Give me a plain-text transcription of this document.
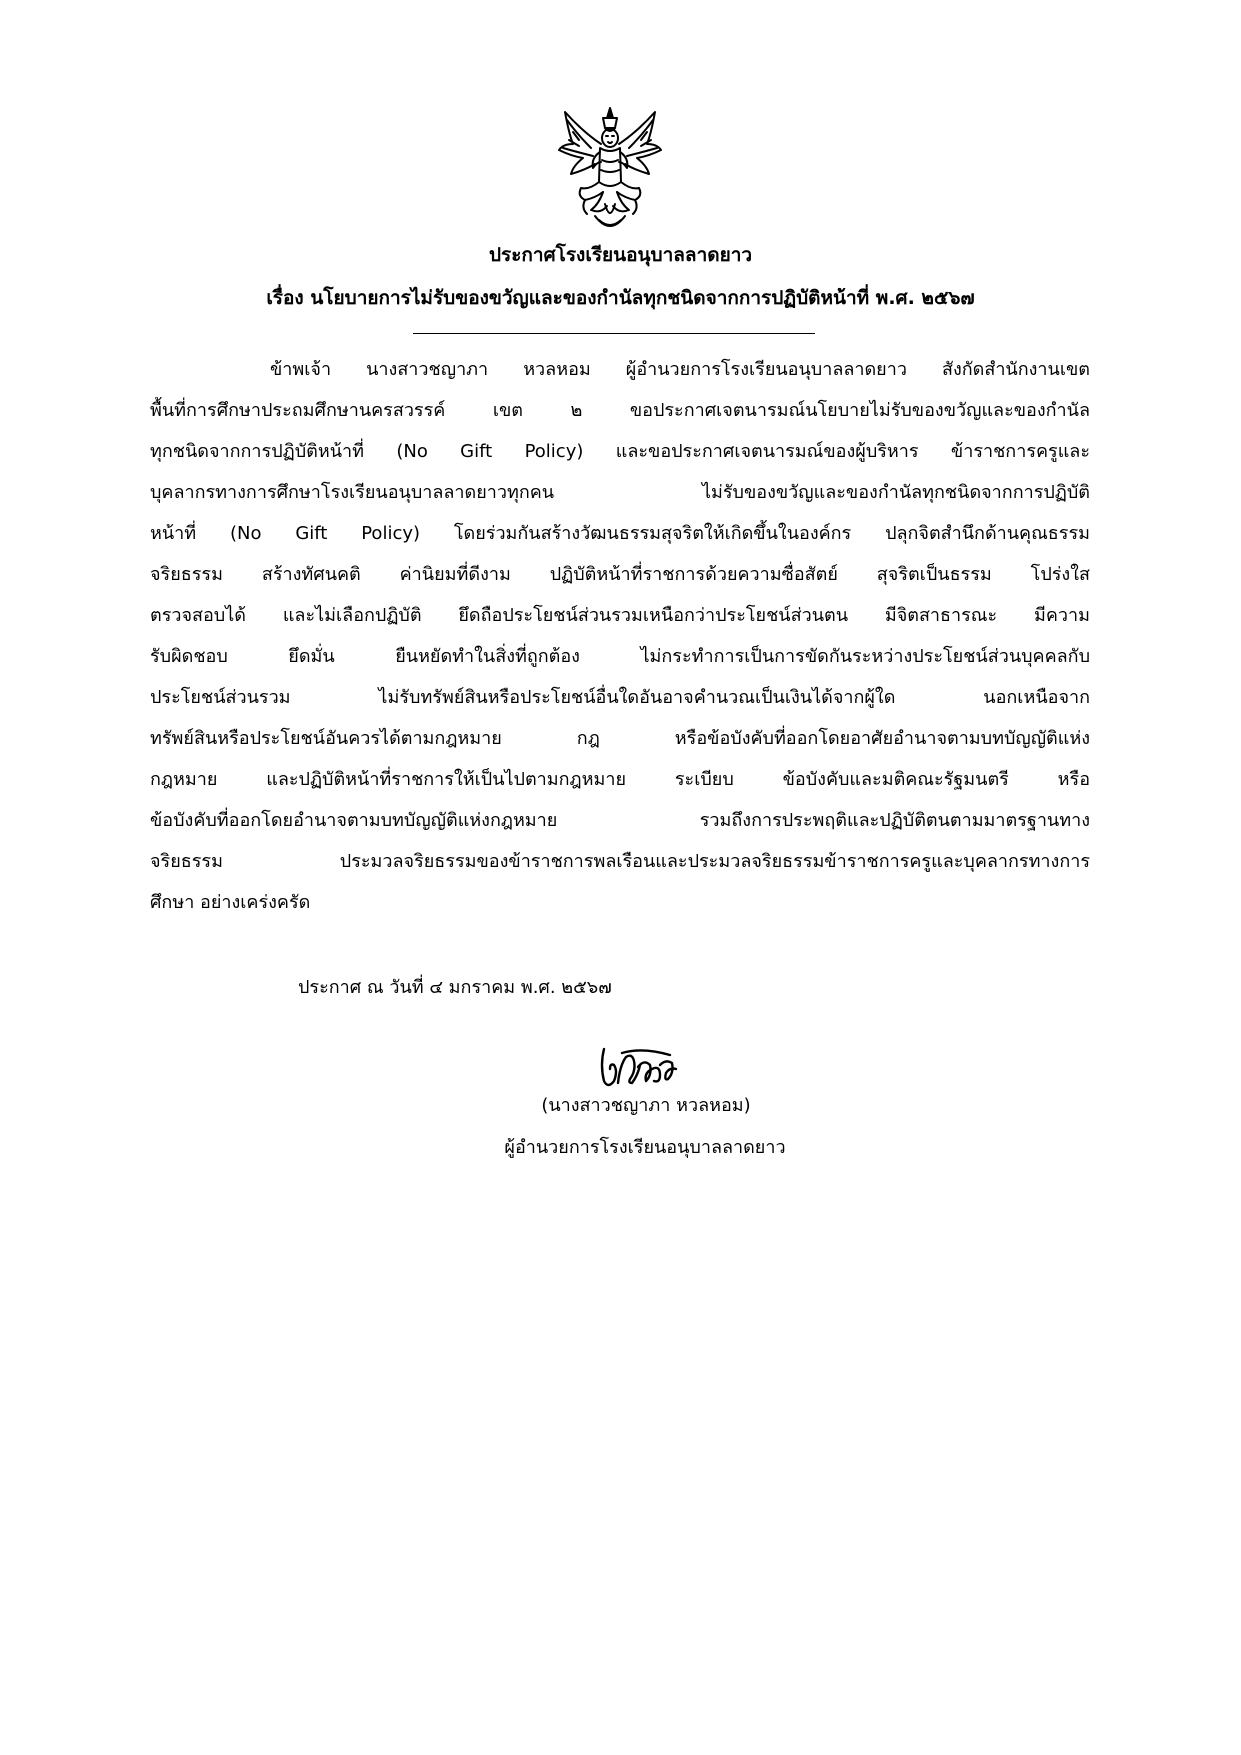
ประกาศโรงเรียนอนุบาลลาดยาว
เรื่อง นโยบายการไม่รับของขวัญและของกำนัลทุกชนิดจากการปฏิบัติหน้าที่ พ.ศ. ๒๕๖๗
ข้าพเจ้า นางสาวชญาภา หวลหอม ผู้อำนวยการโรงเรียนอนุบาลลาดยาว สังกัดสำนักงานเขต
พื้นที่การศึกษาประถมศึกษานครสวรรค์ เขต ๒ ขอประกาศเจตนารมณ์นโยบายไม่รับของขวัญและของกำนัล
ทุกชนิดจากการปฏิบัติหน้าที่ (No Gift Policy) และขอประกาศเจตนารมณ์ของผู้บริหาร ข้าราชการครูและ
บุคลากรทางการศึกษาโรงเรียนอนุบาลลาดยาวทุกคน ไม่รับของขวัญและของกำนัลทุกชนิดจากการปฏิบัติ
หน้าที่ (No Gift Policy) โดยร่วมกันสร้างวัฒนธรรมสุจริตให้เกิดขึ้นในองค์กร ปลุกจิตสำนึกด้านคุณธรรม
จริยธรรม สร้างทัศนคติ ค่านิยมที่ดีงาม ปฏิบัติหน้าที่ราชการด้วยความซื่อสัตย์ สุจริตเป็นธรรม โปร่งใส
ตรวจสอบได้ และไม่เลือกปฏิบัติ ยึดถือประโยชน์ส่วนรวมเหนือกว่าประโยชน์ส่วนตน มีจิตสาธารณะ มีความ
รับผิดชอบ ยึดมั่น ยืนหยัดทำในสิ่งที่ถูกต้อง ไม่กระทำการเป็นการขัดกันระหว่างประโยชน์ส่วนบุคคลกับ
ประโยชน์ส่วนรวม ไม่รับทรัพย์สินหรือประโยชน์อื่นใดอันอาจคำนวณเป็นเงินได้จากผู้ใด นอกเหนือจาก
ทรัพย์สินหรือประโยชน์อันควรได้ตามกฎหมาย กฎ หรือข้อบังคับที่ออกโดยอาศัยอำนาจตามบทบัญญัติแห่ง
กฎหมาย และปฏิบัติหน้าที่ราชการให้เป็นไปตามกฎหมาย ระเบียบ ข้อบังคับและมติคณะรัฐมนตรี หรือ
ข้อบังคับที่ออกโดยอำนาจตามบทบัญญัติแห่งกฎหมาย รวมถึงการประพฤติและปฏิบัติตนตามมาตรฐานทาง
จริยธรรม ประมวลจริยธรรมของข้าราชการพลเรือนและประมวลจริยธรรมข้าราชการครูและบุคลากรทางการ
ศึกษา อย่างเคร่งครัด
ประกาศ ณ วันที่ ๔ มกราคม พ.ศ. ๒๕๖๗
(นางสาวชญาภา หวลหอม)
ผู้อำนวยการโรงเรียนอนุบาลลาดยาว
